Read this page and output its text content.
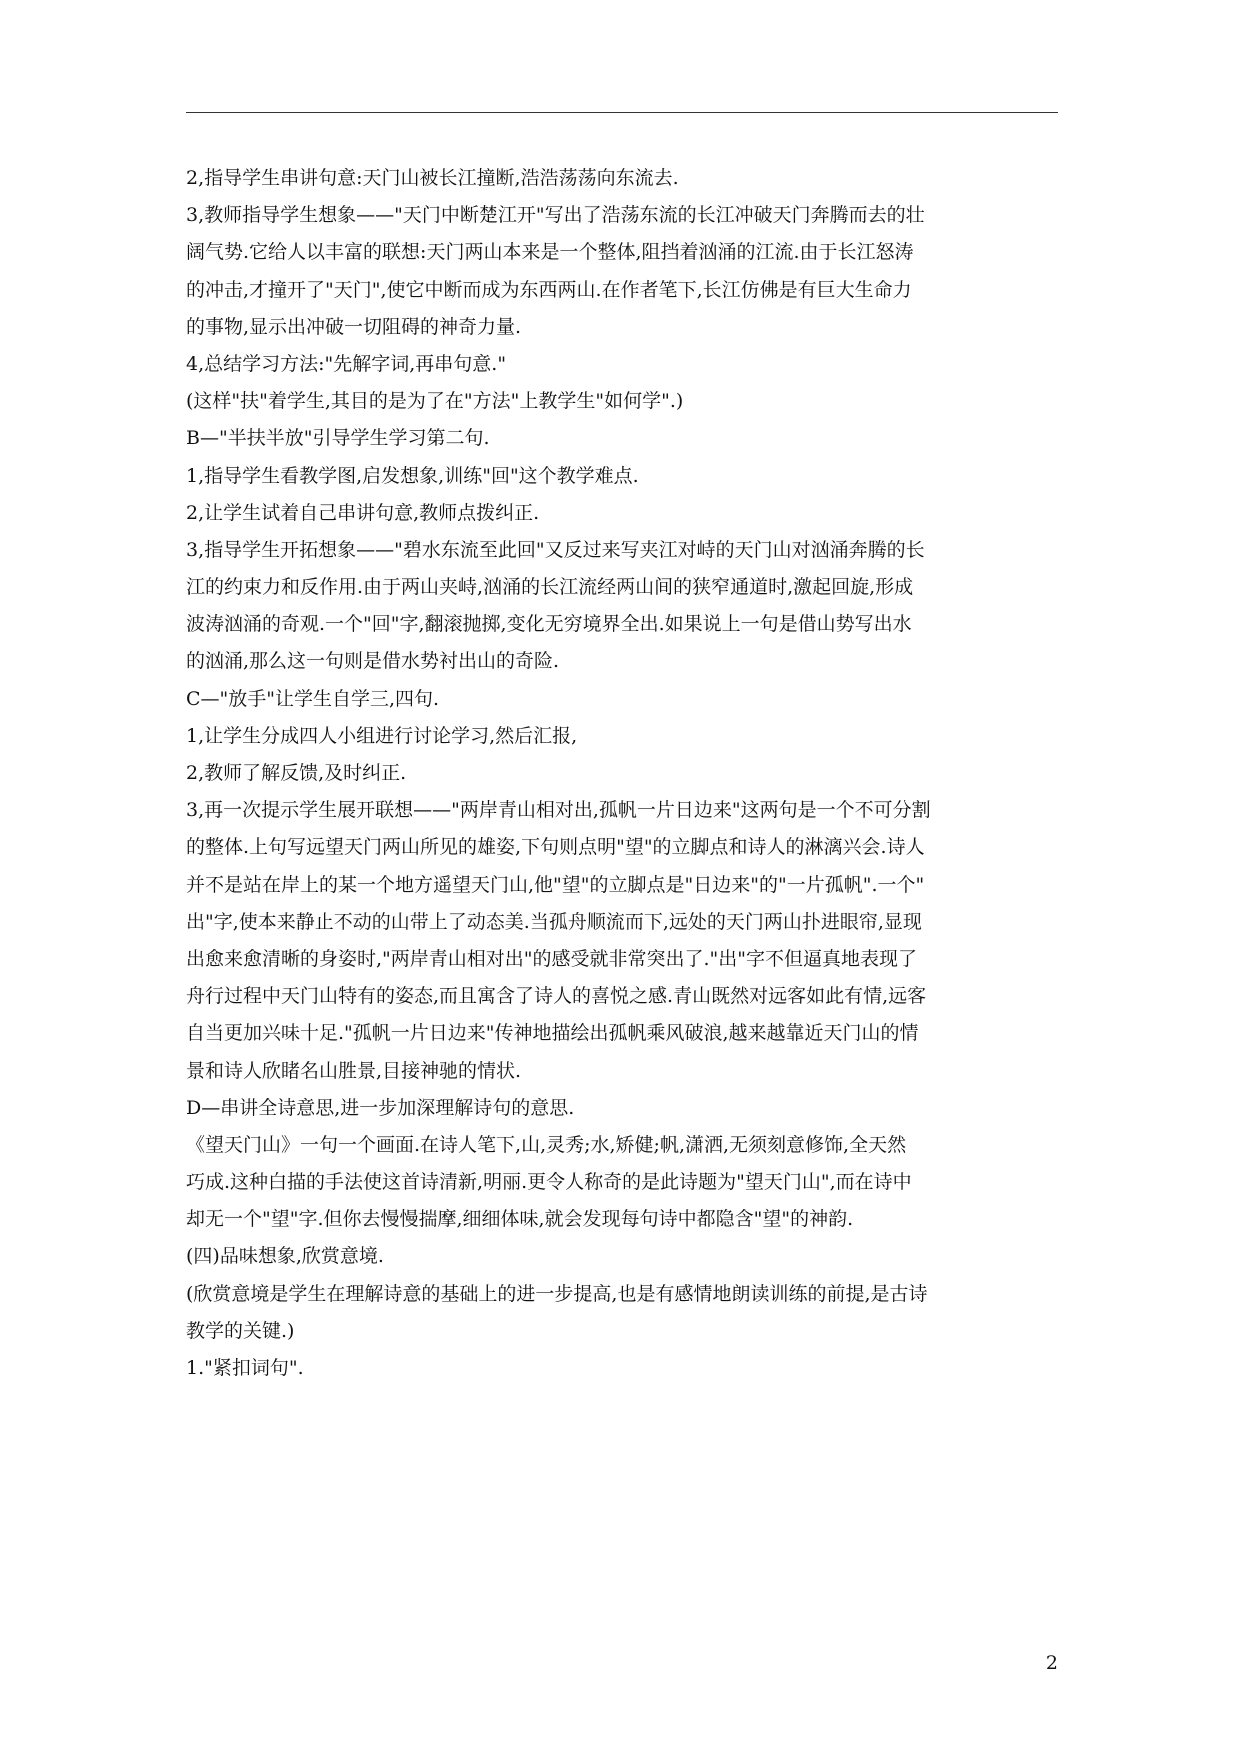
2,指导学生串讲句意:天门山被长江撞断,浩浩荡荡向东流去.
3,教师指导学生想象——"天门中断楚江开"写出了浩荡东流的长江冲破天门奔腾而去的壮
阔气势.它给人以丰富的联想:天门两山本来是一个整体,阻挡着汹涌的江流.由于长江怒涛
的冲击,才撞开了"天门",使它中断而成为东西两山.在作者笔下,长江仿佛是有巨大生命力
的事物,显示出冲破一切阻碍的神奇力量.
4,总结学习方法:"先解字词,再串句意."
(这样"扶"着学生,其目的是为了在"方法"上教学生"如何学".)
B—"半扶半放"引导学生学习第二句.
1,指导学生看教学图,启发想象,训练"回"这个教学难点.
2,让学生试着自己串讲句意,教师点拨纠正.
3,指导学生开拓想象——"碧水东流至此回"又反过来写夹江对峙的天门山对汹涌奔腾的长
江的约束力和反作用.由于两山夹峙,汹涌的长江流经两山间的狭窄通道时,激起回旋,形成
波涛汹涌的奇观.一个"回"字,翻滚抛掷,变化无穷境界全出.如果说上一句是借山势写出水
的汹涌,那么这一句则是借水势衬出山的奇险.
C—"放手"让学生自学三,四句.
1,让学生分成四人小组进行讨论学习,然后汇报,
2,教师了解反馈,及时纠正.
3,再一次提示学生展开联想——"两岸青山相对出,孤帆一片日边来"这两句是一个不可分割
的整体.上句写远望天门两山所见的雄姿,下句则点明"望"的立脚点和诗人的淋漓兴会.诗人
并不是站在岸上的某一个地方遥望天门山,他"望"的立脚点是"日边来"的"一片孤帆".一个"
出"字,使本来静止不动的山带上了动态美.当孤舟顺流而下,远处的天门两山扑进眼帘,显现
出愈来愈清晰的身姿时,"两岸青山相对出"的感受就非常突出了."出"字不但逼真地表现了
舟行过程中天门山特有的姿态,而且寓含了诗人的喜悦之感.青山既然对远客如此有情,远客
自当更加兴味十足."孤帆一片日边来"传神地描绘出孤帆乘风破浪,越来越靠近天门山的情
景和诗人欣睹名山胜景,目接神驰的情状.
D—串讲全诗意思,进一步加深理解诗句的意思.
《望天门山》一句一个画面.在诗人笔下,山,灵秀;水,矫健;帆,潇洒,无须刻意修饰,全天然
巧成.这种白描的手法使这首诗清新,明丽.更令人称奇的是此诗题为"望天门山",而在诗中
却无一个"望"字.但你去慢慢揣摩,细细体味,就会发现每句诗中都隐含"望"的神韵.
(四)品味想象,欣赏意境.
(欣赏意境是学生在理解诗意的基础上的进一步提高,也是有感情地朗读训练的前提,是古诗
教学的关键.)
1."紧扣词句".
2
